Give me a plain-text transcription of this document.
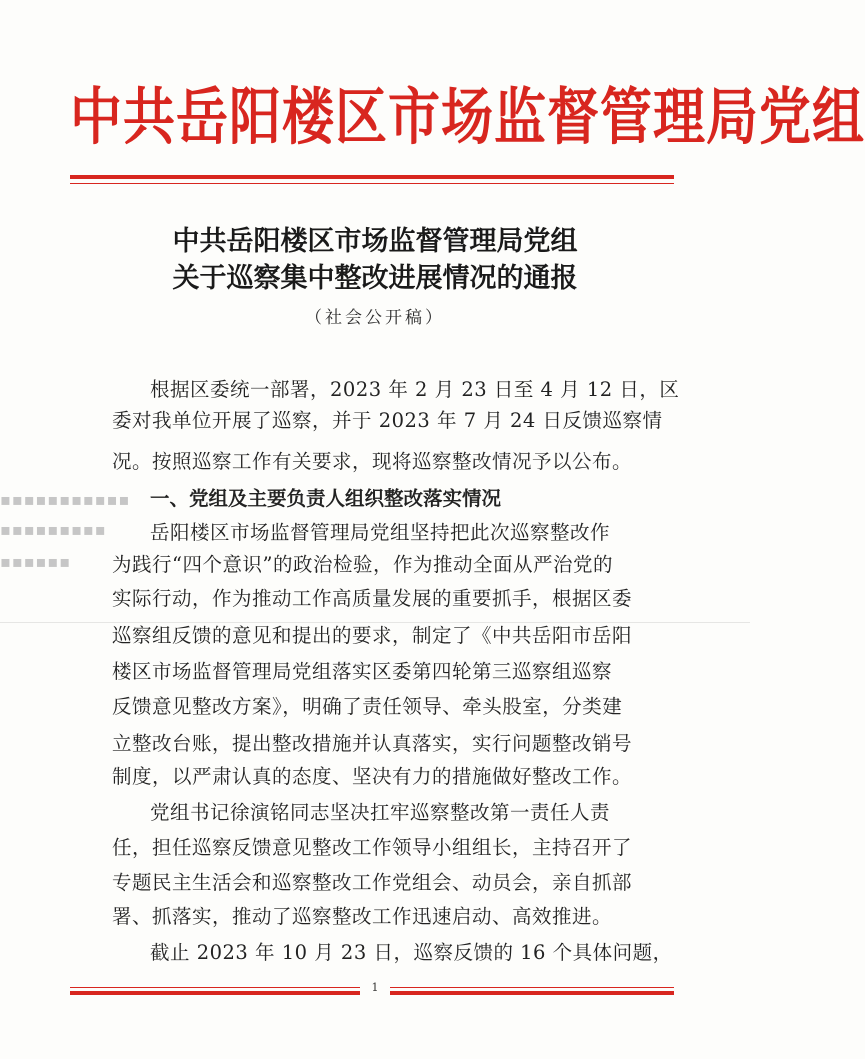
中共岳阳楼区市场监督管理局党组
中共岳阳楼区市场监督管理局党组
关于巡察集中整改进展情况的通报
（社会公开稿）
▪▪▪▪▪▪▪▪▪▪▪
▪▪▪▪▪▪▪▪▪
▪▪▪▪▪▪
根据区委统一部署，2023 年 2 月 23 日至 4 月 12 日，区
委对我单位开展了巡察，并于 2023 年 7 月 24 日反馈巡察情
况。按照巡察工作有关要求，现将巡察整改情况予以公布。
一、党组及主要负责人组织整改落实情况
岳阳楼区市场监督管理局党组坚持把此次巡察整改作
为践行“四个意识”的政治检验，作为推动全面从严治党的
实际行动，作为推动工作高质量发展的重要抓手，根据区委
巡察组反馈的意见和提出的要求，制定了《中共岳阳市岳阳
楼区市场监督管理局党组落实区委第四轮第三巡察组巡察
反馈意见整改方案》，明确了责任领导、牵头股室，分类建
立整改台账，提出整改措施并认真落实，实行问题整改销号
制度，以严肃认真的态度、坚决有力的措施做好整改工作。
党组书记徐演铭同志坚决扛牢巡察整改第一责任人责
任，担任巡察反馈意见整改工作领导小组组长，主持召开了
专题民主生活会和巡察整改工作党组会、动员会，亲自抓部
署、抓落实，推动了巡察整改工作迅速启动、高效推进。
截止 2023 年 10 月 23 日，巡察反馈的 16 个具体问题，
1
